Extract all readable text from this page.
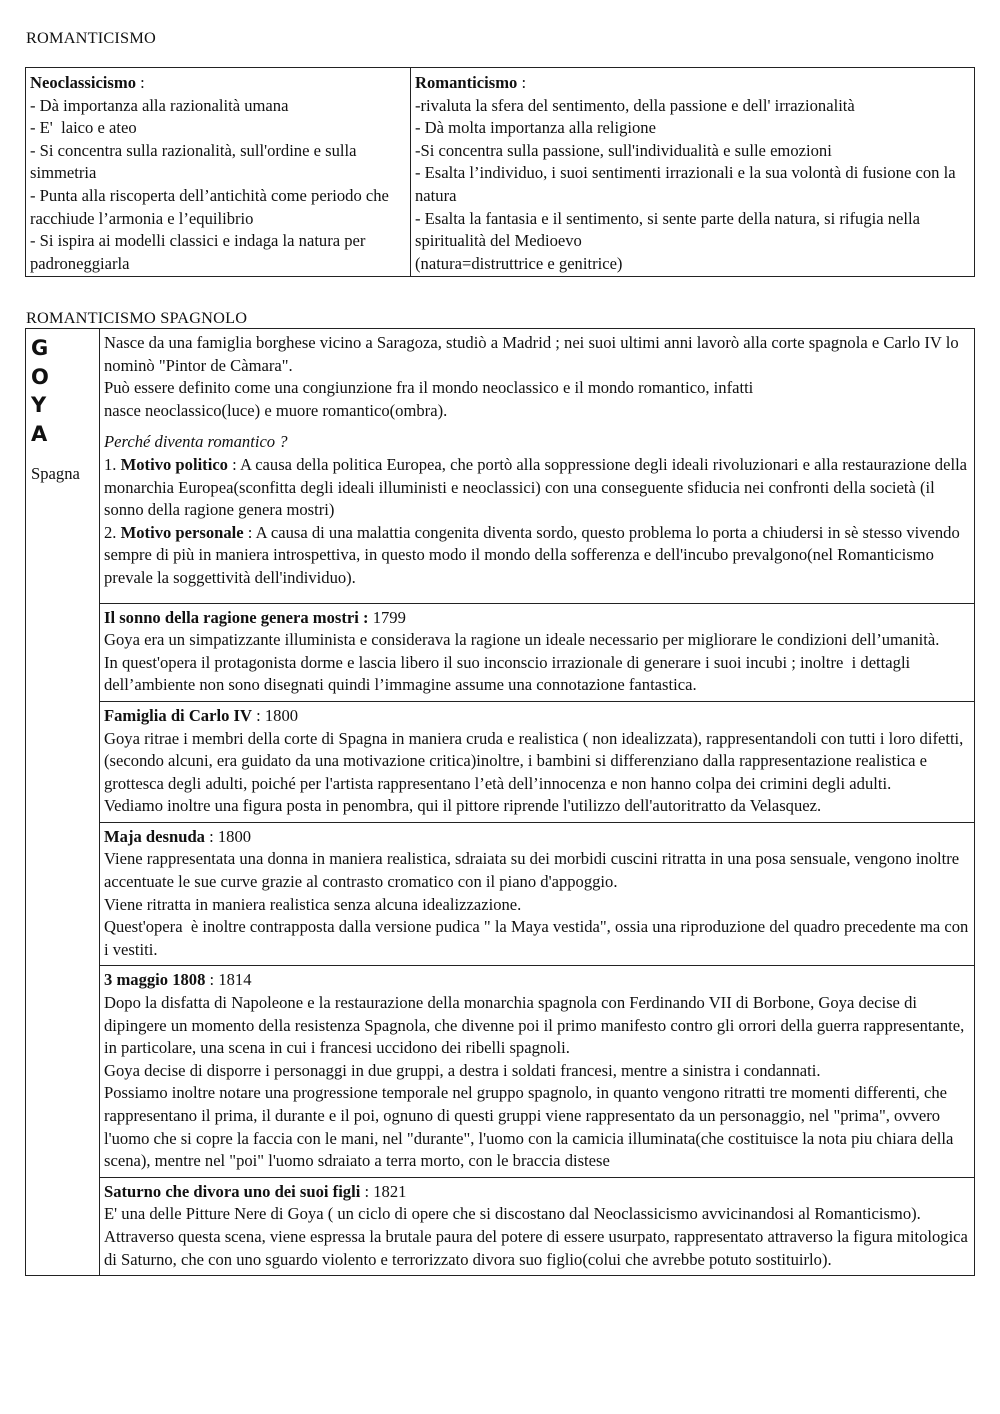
ROMANTICISMO
Neoclassicismo :
- Dà importanza alla razionalità umana
- E'  laico e ateo
- Si concentra sulla razionalità, sull'ordine e sulla simmetria
- Punta alla riscoperta dell’antichità come periodo che racchiude l’armonia e l’equilibrio
- Si ispira ai modelli classici e indaga la natura per padroneggiarla

Romanticismo :
-rivaluta la sfera del sentimento, della passione e dell' irrazionalità
- Dà molta importanza alla religione
-Si concentra sulla passione, sull'individualità e sulle emozioni
- Esalta l’individuo, i suoi sentimenti irrazionali e la sua volontà di fusione con la natura
- Esalta la fantasia e il sentimento, si sente parte della natura, si rifugia nella spiritualità del Medioevo
(natura=distruttrice e genitrice)
ROMANTICISMO SPAGNOLO
G
O
Y
A
Spagna

Nasce da una famiglia borghese vicino a Saragoza, studiò a Madrid ; nei suoi ultimi anni lavorò alla corte spagnola e Carlo IV lo nominò "Pintor de Càmara".
Può essere definito come una congiunzione fra il mondo neoclassico e il mondo romantico, infatti
nasce neoclassico(luce) e muore romantico(ombra).
Perché diventa romantico ?
1. Motivo politico : A causa della politica Europea, che portò alla soppressione degli ideali rivoluzionari e alla restaurazione della monarchia Europea(sconfitta degli ideali illuministi e neoclassici) con una conseguente sfiducia nei confronti della società (il sonno della ragione genera mostri)
2. Motivo personale : A causa di una malattia congenita diventa sordo, questo problema lo porta a chiudersi in sè stesso vivendo sempre di più in maniera introspettiva, in questo modo il mondo della sofferenza e dell'incubo prevalgono(nel Romanticismo prevale la soggettività dell'individuo).

Il sonno della ragione genera mostri : 1799
Goya era un simpatizzante illuminista e considerava la ragione un ideale necessario per migliorare le condizioni dell’umanità.
In quest'opera il protagonista dorme e lascia libero il suo inconscio irrazionale di generare i suoi incubi ; inoltre  i dettagli dell’ambiente non sono disegnati quindi l’immagine assume una connotazione fantastica.

Famiglia di Carlo IV : 1800
Goya ritrae i membri della corte di Spagna in maniera cruda e realistica ( non idealizzata), rappresentandoli con tutti i loro difetti, (secondo alcuni, era guidato da una motivazione critica)inoltre, i bambini si differenziano dalla rappresentazione realistica e grottesca degli adulti, poiché per l'artista rappresentano l’età dell’innocenza e non hanno colpa dei crimini degli adulti.
Vediamo inoltre una figura posta in penombra, qui il pittore riprende l'utilizzo dell'autoritratto da Velasquez.

Maja desnuda : 1800
Viene rappresentata una donna in maniera realistica, sdraiata su dei morbidi cuscini ritratta in una posa sensuale, vengono inoltre accentuate le sue curve grazie al contrasto cromatico con il piano d'appoggio.
Viene ritratta in maniera realistica senza alcuna idealizzazione.
Quest'opera  è inoltre contrapposta dalla versione pudica " la Maya vestida", ossia una riproduzione del quadro precedente ma con i vestiti.

3 maggio 1808 : 1814
Dopo la disfatta di Napoleone e la restaurazione della monarchia spagnola con Ferdinando VII di Borbone, Goya decise di dipingere un momento della resistenza Spagnola, che divenne poi il primo manifesto contro gli orrori della guerra rappresentante, in particolare, una scena in cui i francesi uccidono dei ribelli spagnoli.
Goya decise di disporre i personaggi in due gruppi, a destra i soldati francesi, mentre a sinistra i condannati.
Possiamo inoltre notare una progressione temporale nel gruppo spagnolo, in quanto vengono ritratti tre momenti differenti, che rappresentano il prima, il durante e il poi, ognuno di questi gruppi viene rappresentato da un personaggio, nel "prima", ovvero l'uomo che si copre la faccia con le mani, nel "durante", l'uomo con la camicia illuminata(che costituisce la nota piu chiara della scena), mentre nel "poi" l'uomo sdraiato a terra morto, con le braccia distese

Saturno che divora uno dei suoi figli : 1821
E' una delle Pitture Nere di Goya ( un ciclo di opere che si discostano dal Neoclassicismo avvicinandosi al Romanticismo). Attraverso questa scena, viene espressa la brutale paura del potere di essere usurpato, rappresentato attraverso la figura mitologica di Saturno, che con uno sguardo violento e terrorizzato divora suo figlio(colui che avrebbe potuto sostituirlo).
